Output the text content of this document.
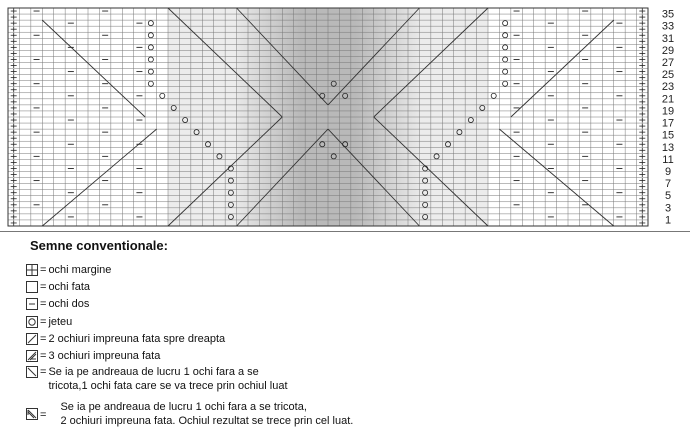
35
33
31
29
27
25
23
21
19
17
15
13
11
9
7
5
3
1
Semne conventionale:
= ochi margine
= ochi fata
= ochi dos
= jeteu
= 2 ochiuri impreuna fata spre dreapta
= 3 ochiuri impreuna fata
= Se ia pe andreaua de lucru 1 ochi fara a se
tricota,1 ochi fata care se va trece prin ochiul luat
=
Se ia pe andreaua de lucru 1 ochi fara a se tricota,
2 ochiuri impreuna fata. Ochiul rezultat se trece prin cel luat.
